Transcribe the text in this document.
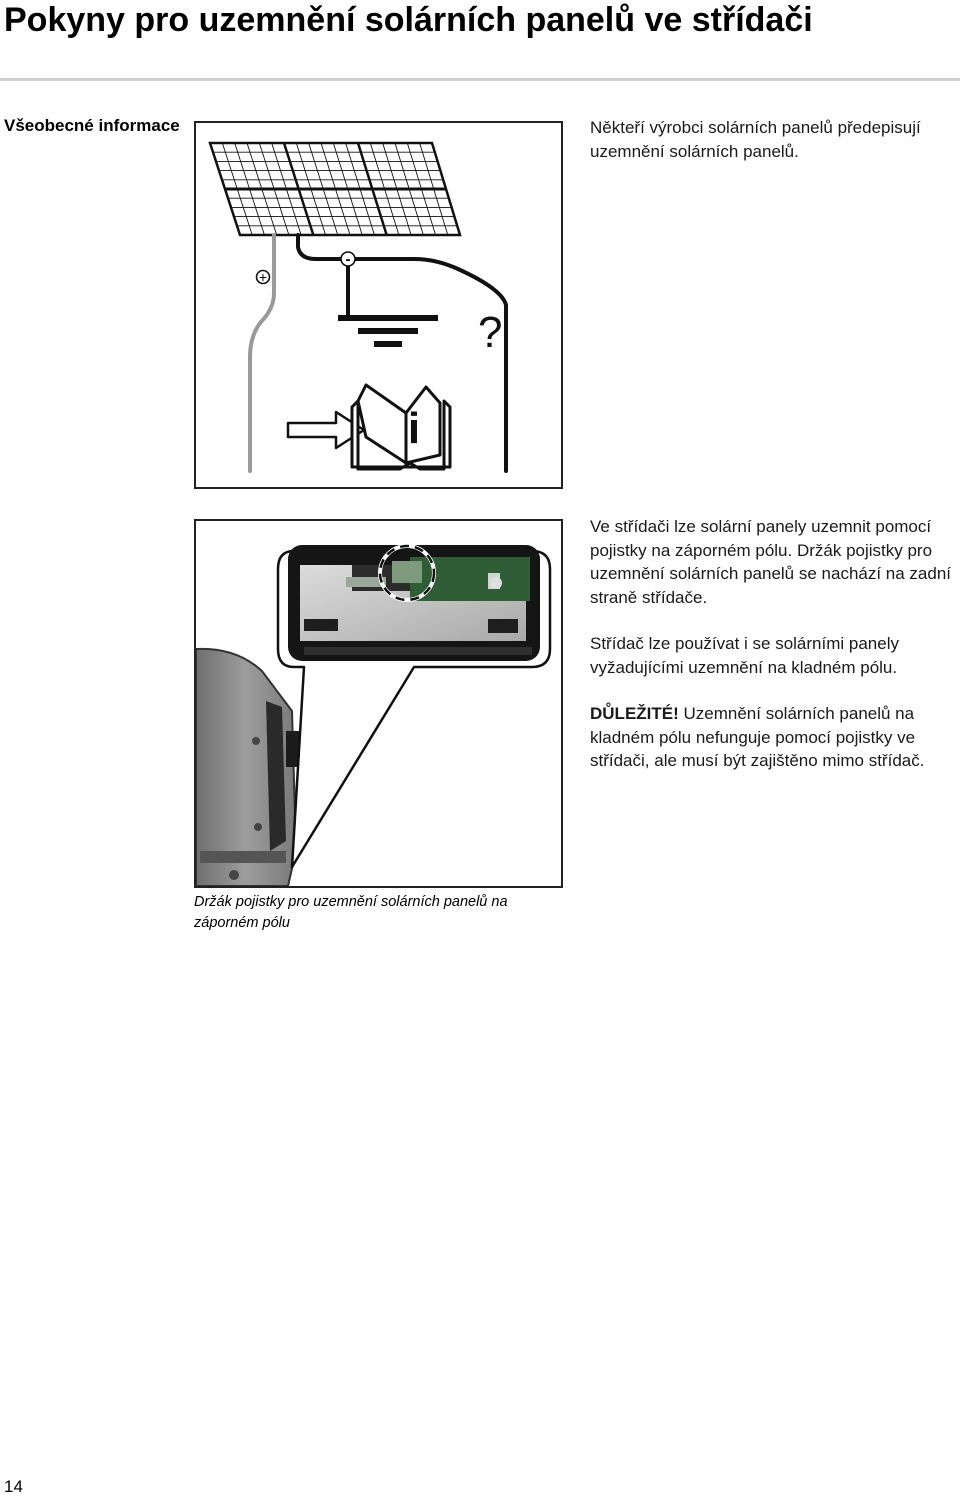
Pokyny pro uzemnění solárních panelů ve střídači
Všeobecné informace
+
-
?
i
Držák pojistky pro uzemnění solárních panelů na záporném pólu

Někteří výrobci solárních panelů předepisují uzemnění solárních panelů.

Ve střídači lze solární panely uzemnit pomocí pojistky na záporném pólu. Držák pojistky pro uzemnění solárních panelů se nachází na zadní straně střídače.

Střídač lze používat i se solárními panely vyžadujícími uzemnění na kladném pólu.

DŮLEŽITÉ! Uzemnění solárních panelů na kladném pólu nefunguje pomocí pojistky ve střídači, ale musí být zajištěno mimo střídač.

14
